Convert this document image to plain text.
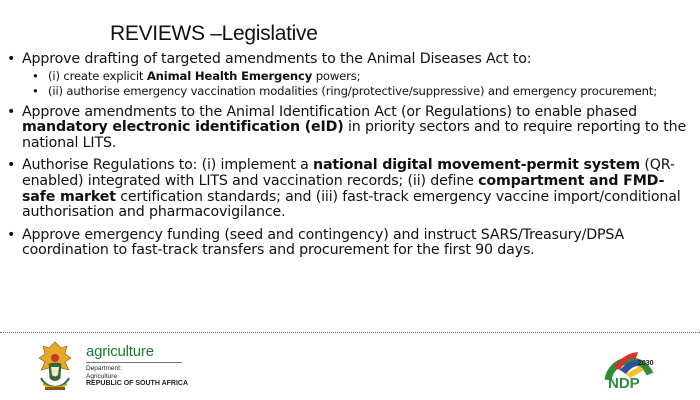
REVIEWS –Legislative
• Approve drafting of targeted amendments to the Animal Diseases Act to:
• (i) create explicit Animal Health Emergency powers;
• (ii) authorise emergency vaccination modalities (ring/protective/suppressive) and emergency procurement;
• Approve amendments to the Animal Identification Act (or Regulations) to enable phased mandatory electronic identification (eID) in priority sectors and to require reporting to the national LITS.
• Authorise Regulations to: (i) implement a national digital movement-permit system (QR-enabled) integrated with LITS and vaccination records; (ii) define compartment and FMD-safe market certification standards; and (iii) fast-track emergency vaccine import/conditional authorisation and pharmacovigilance.
• Approve emergency funding (seed and contingency) and instruct SARS/Treasury/DPSA coordination to fast-track transfers and procurement for the first 90 days.
agriculture
Department:
Agriculture
REPUBLIC OF SOUTH AFRICA
2030
NDP
